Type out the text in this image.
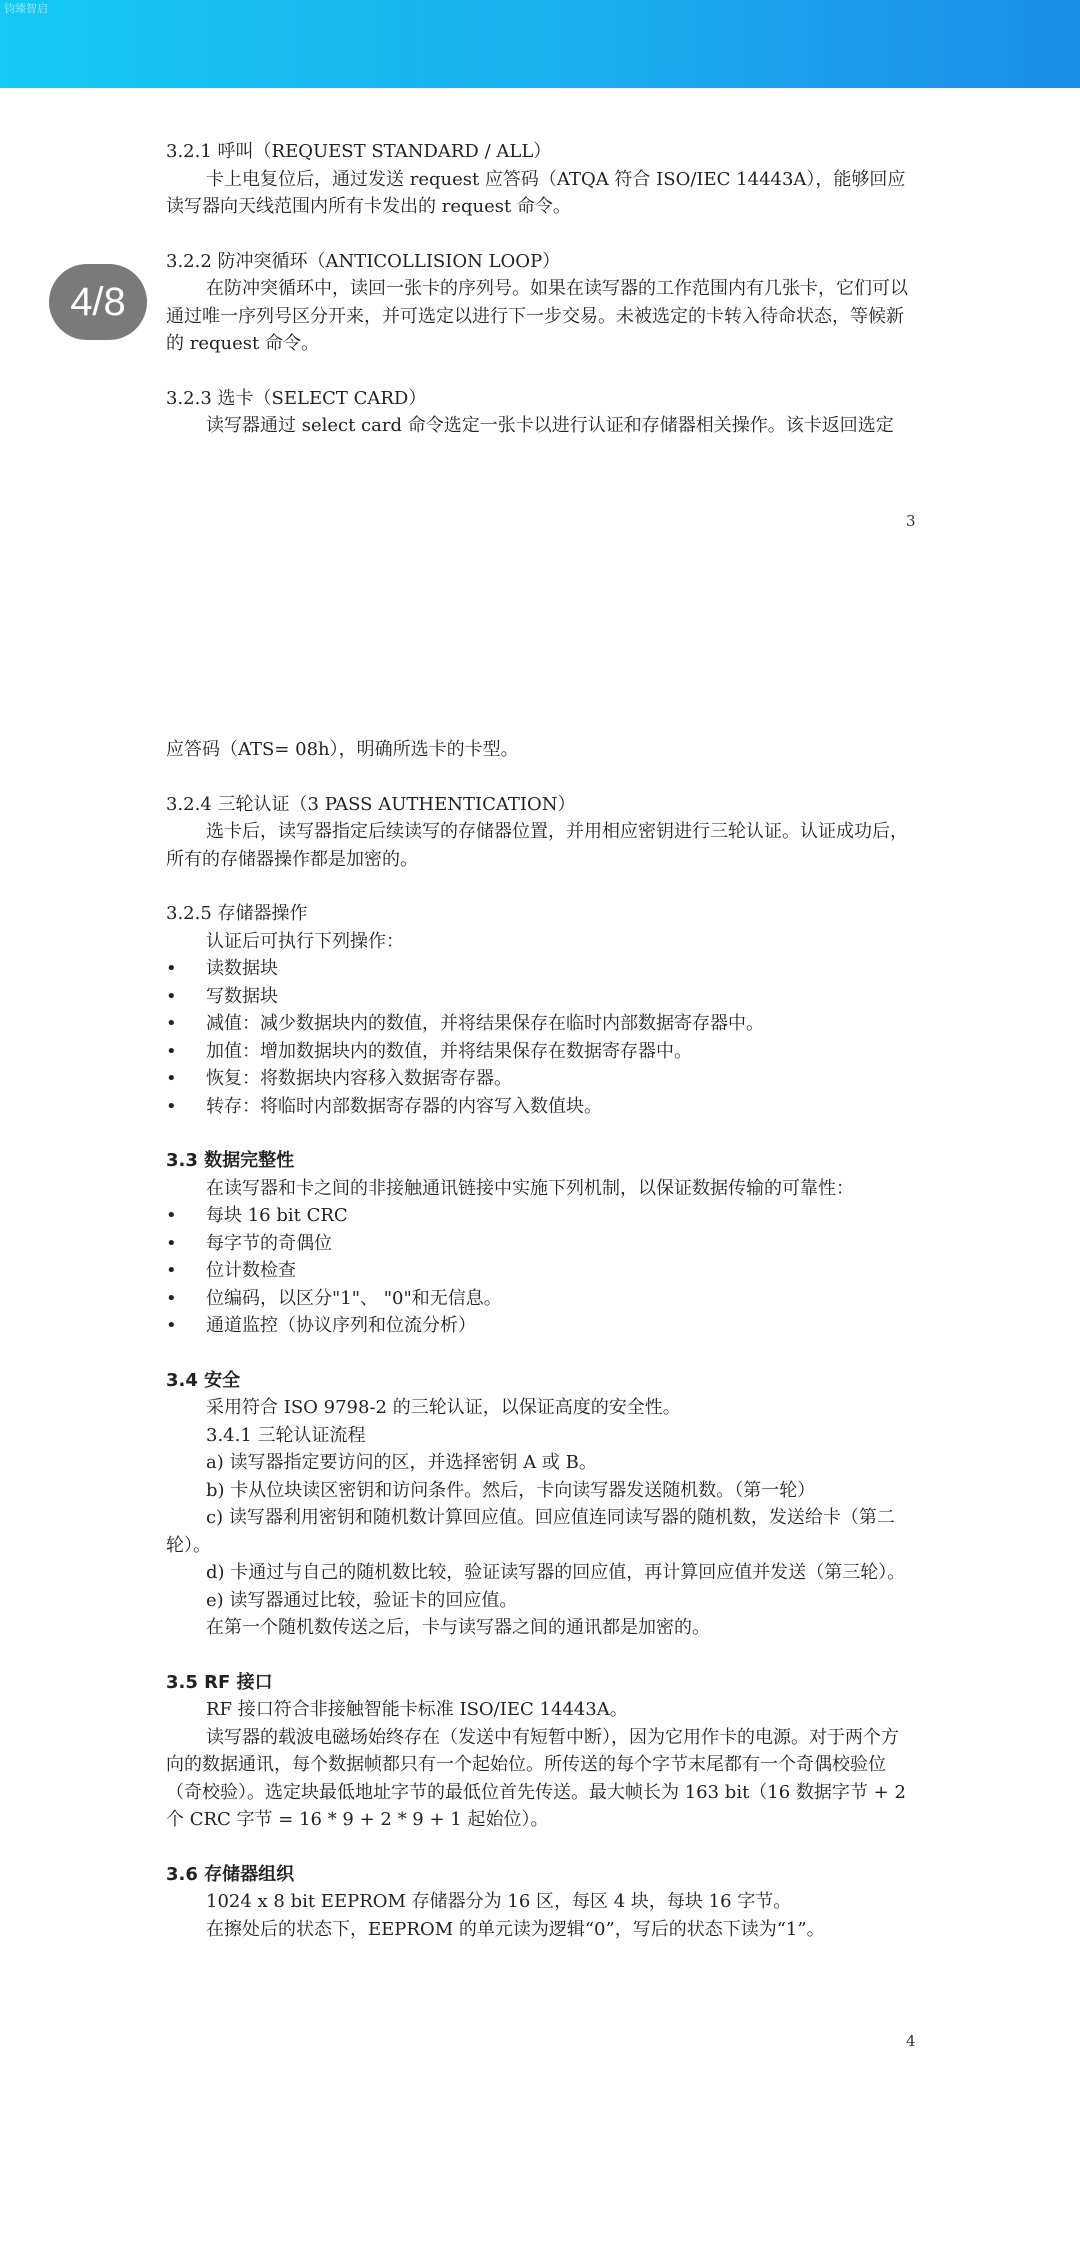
钧臻智启
4/8

3.2.1 呼叫（REQUEST STANDARD / ALL）

卡上电复位后，通过发送 request 应答码（ATQA 符合 ISO/IEC 14443A），能够回应读写器向天线范围内所有卡发出的 request 命令。

3.2.2 防冲突循环（ANTICOLLISION LOOP）

在防冲突循环中，读回一张卡的序列号。如果在读写器的工作范围内有几张卡，它们可以通过唯一序列号区分开来，并可选定以进行下一步交易。未被选定的卡转入待命状态，等候新的 request 命令。

3.2.3 选卡（SELECT CARD）

读写器通过 select card 命令选定一张卡以进行认证和存储器相关操作。该卡返回选定

3

应答码（ATS= 08h），明确所选卡的卡型。

3.2.4 三轮认证（3 PASS AUTHENTICATION）

选卡后，读写器指定后续读写的存储器位置，并用相应密钥进行三轮认证。认证成功后，所有的存储器操作都是加密的。

3.2.5 存储器操作

认证后可执行下列操作：

• 读数据块
• 写数据块
• 减值：减少数据块内的数值，并将结果保存在临时内部数据寄存器中。
• 加值：增加数据块内的数值，并将结果保存在数据寄存器中。
• 恢复：将数据块内容移入数据寄存器。
• 转存：将临时内部数据寄存器的内容写入数值块。

3.3 数据完整性

在读写器和卡之间的非接触通讯链接中实施下列机制，以保证数据传输的可靠性：

• 每块 16 bit CRC
• 每字节的奇偶位
• 位计数检查
• 位编码，以区分"1"、 "0"和无信息。
• 通道监控（协议序列和位流分析）

3.4 安全

采用符合 ISO 9798-2 的三轮认证，以保证高度的安全性。

3.4.1 三轮认证流程

a) 读写器指定要访问的区，并选择密钥 A 或 B。

b) 卡从位块读区密钥和访问条件。然后，卡向读写器发送随机数。（第一轮）

c) 读写器利用密钥和随机数计算回应值。回应值连同读写器的随机数，发送给卡（第二轮）。

d) 卡通过与自己的随机数比较，验证读写器的回应值，再计算回应值并发送（第三轮）。

e) 读写器通过比较，验证卡的回应值。

在第一个随机数传送之后，卡与读写器之间的通讯都是加密的。

3.5 RF 接口

RF 接口符合非接触智能卡标准 ISO/IEC 14443A。

读写器的载波电磁场始终存在（发送中有短暂中断），因为它用作卡的电源。对于两个方向的数据通讯，每个数据帧都只有一个起始位。所传送的每个字节末尾都有一个奇偶校验位（奇校验）。选定块最低地址字节的最低位首先传送。最大帧长为 163 bit（16 数据字节 + 2 个 CRC 字节 = 16 * 9 + 2 * 9 + 1 起始位）。

3.6 存储器组织

1024 x 8 bit EEPROM 存储器分为 16 区，每区 4 块，每块 16 字节。

在擦处后的状态下，EEPROM 的单元读为逻辑“0”，写后的状态下读为“1”。

4
